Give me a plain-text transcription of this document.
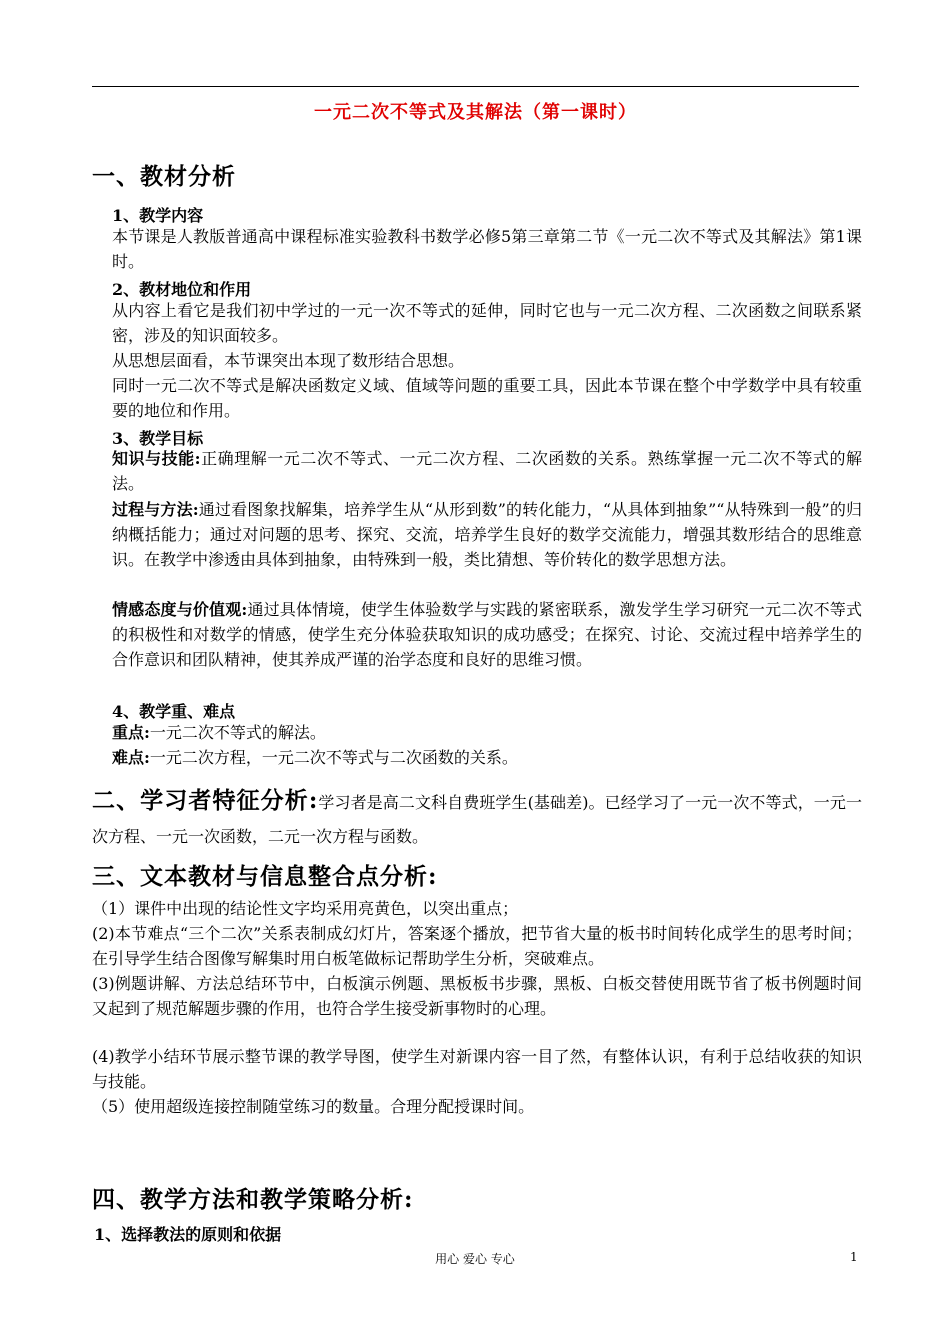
一元二次不等式及其解法（第一课时）
一、教材分析
1、教学内容
本节课是人教版普通高中课程标准实验教科书数学必修5第三章第二节《一元二次不等式及其解法》第1课时。
2、教材地位和作用
从内容上看它是我们初中学过的一元一次不等式的延伸，同时它也与一元二次方程、二次函数之间联系紧密，涉及的知识面较多。
从思想层面看，本节课突出本现了数形结合思想。
同时一元二次不等式是解决函数定义域、值域等问题的重要工具，因此本节课在整个中学数学中具有较重要的地位和作用。
3、教学目标
知识与技能:正确理解一元二次不等式、一元二次方程、二次函数的关系。熟练掌握一元二次不等式的解法。
过程与方法:通过看图象找解集，培养学生从“从形到数”的转化能力，“从具体到抽象”“从特殊到一般”的归纳概括能力；通过对问题的思考、探究、交流，培养学生良好的数学交流能力，增强其数形结合的思维意识。在教学中渗透由具体到抽象，由特殊到一般，类比猜想、等价转化的数学思想方法。
情感态度与价值观:通过具体情境，使学生体验数学与实践的紧密联系，激发学生学习研究一元二次不等式的积极性和对数学的情感，使学生充分体验获取知识的成功感受；在探究、讨论、交流过程中培养学生的合作意识和团队精神，使其养成严谨的治学态度和良好的思维习惯。
4、教学重、难点
重点:一元二次不等式的解法。
难点:一元二次方程，一元二次不等式与二次函数的关系。
二、学习者特征分析:学习者是高二文科自费班学生(基础差)。已经学习了一元一次不等式，一元一次方程、一元一次函数，二元一次方程与函数。
三、文本教材与信息整合点分析:
（1）课件中出现的结论性文字均采用亮黄色，以突出重点；
(2)本节难点“三个二次”关系表制成幻灯片，答案逐个播放，把节省大量的板书时间转化成学生的思考时间；在引导学生结合图像写解集时用白板笔做标记帮助学生分析，突破难点。
(3)例题讲解、方法总结环节中，白板演示例题、黑板板书步骤，黑板、白板交替使用既节省了板书例题时间又起到了规范解题步骤的作用，也符合学生接受新事物时的心理。
(4)教学小结环节展示整节课的教学导图，使学生对新课内容一目了然，有整体认识，有利于总结收获的知识与技能。
（5）使用超级连接控制随堂练习的数量。合理分配授课时间。
四、教学方法和教学策略分析:
1、选择教法的原则和依据
用心 爱心 专心	1
